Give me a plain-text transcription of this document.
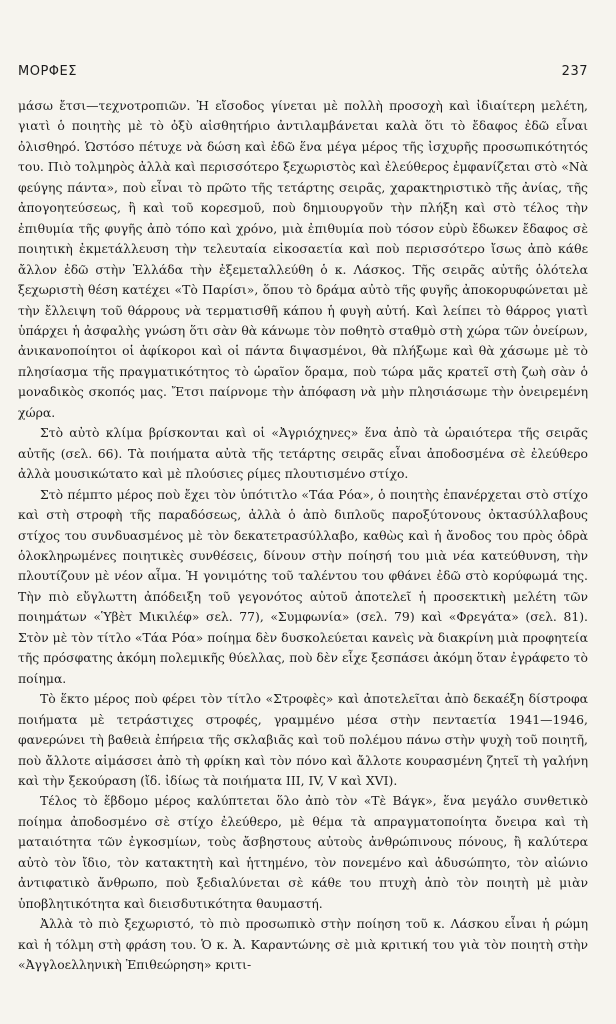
ΜΟΡΦΕΣ	237

μάσω ἔτσι—τεχνοτροπιῶν. Ἡ εἴσοδος γίνεται μὲ πολλὴ προσοχὴ καὶ ἰδιαίτερη μελέτη, γιατὶ ὁ ποιητὴς μὲ τὸ ὀξὺ αἰσθητήριο ἀντιλαμβάνεται καλὰ ὅτι τὸ ἔδαφος ἐδῶ εἶναι ὀλισθηρό. Ὡστόσο πέτυχε νὰ δώση καὶ ἐδῶ ἕνα μέγα μέρος τῆς ἰσχυρῆς προσωπικότητός του. Πιὸ τολμηρὸς ἀλλὰ καὶ περισσότερο ξεχωριστὸς καὶ ἐλεύθερος ἐμφανίζεται στὸ «Νὰ φεύγης πάντα», ποὺ εἶναι τὸ πρῶτο τῆς τετάρτης σειρᾶς, χαρακτηριστικὸ τῆς ἀνίας, τῆς ἀπογοητεύσεως, ἢ καὶ τοῦ κορεσμοῦ, ποὺ δημιουργοῦν τὴν πλήξη καὶ στὸ τέλος τὴν ἐπιθυμία τῆς φυγῆς ἀπὸ τόπο καὶ χρόνο, μιὰ ἐπιθυμία ποὺ τόσον εὐρὺ ἔδωκεν ἔδαφος σὲ ποιητικὴ ἐκμετάλλευση τὴν τελευταία εἰκοσαετία καὶ ποὺ περισσότερο ἴσως ἀπὸ κάθε ἄλλον ἐδῶ στὴν Ἑλλάδα τὴν ἐξεμεταλλεύθη ὁ κ. Λάσκος. Τῆς σειρᾶς αὐτῆς ὁλότελα ξεχωριστὴ θέση κατέχει «Τὸ Παρίσι», ὅπου τὸ δράμα αὐτὸ τῆς φυγῆς ἀποκορυφώνεται μὲ τὴν ἔλλειψη τοῦ θάρρους νὰ τερματισθῆ κάπου ἡ φυγὴ αὐτή. Καὶ λείπει τὸ θάρρος γιατὶ ὑπάρχει ἡ ἀσφαλὴς γνώση ὅτι σὰν θὰ κάνωμε τὸν ποθητὸ σταθμὸ στὴ χώρα τῶν ὀνείρων, ἀνικανοποίητοι οἱ ἀφίκοροι καὶ οἱ πάντα διψασμένοι, θὰ πλήξωμε καὶ θὰ χάσωμε μὲ τὸ πλησίασμα τῆς πραγματικότητος τὸ ὡραῖον ὅραμα, ποὺ τώρα μᾶς κρατεῖ στὴ ζωὴ σὰν ὁ μοναδικὸς σκοπός μας. Ἔτσι παίρνομε τὴν ἀπόφαση νὰ μὴν πλησιάσωμε τὴν ὀνειρεμένη χώρα.

Στὸ αὐτὸ κλίμα βρίσκονται καὶ οἱ «Ἀγριόχηνες» ἕνα ἀπὸ τὰ ὡραιότερα τῆς σειρᾶς αὐτῆς (σελ. 66). Τὰ ποιήματα αὐτὰ τῆς τετάρτης σειρᾶς εἶναι ἀποδοσμένα σὲ ἐλεύθερο ἀλλὰ μουσικώτατο καὶ μὲ πλούσιες ρίμες πλουτισμένο στίχο.

Στὸ πέμπτο μέρος ποὺ ἔχει τὸν ὑπότιτλο «Τάα Ρόα», ὁ ποιητὴς ἐπανέρχεται στὸ στίχο καὶ στὴ στροφὴ τῆς παραδόσεως, ἀλλὰ ὁ ἀπὸ διπλοῦς παροξύτονους ὀκτασύλλαβους στίχος του συνδυασμένος μὲ τὸν δεκατετρασύλλαβο, καθὼς καὶ ἡ ἄνοδος του πρὸς ὁδρὰ ὁλοκληρωμένες ποιητικὲς συνθέσεις, δίνουν στὴν ποίησή του μιὰ νέα κατεύθυνση, τὴν πλουτίζουν μὲ νέον αἷμα. Ἡ γονιμότης τοῦ ταλέντου του φθάνει ἐδῶ στὸ κορύφωμά της. Τὴν πιὸ εὔγλωττη ἀπόδειξη τοῦ γεγονότος αὐτοῦ ἀποτελεῖ ἡ προσεκτικὴ μελέτη τῶν ποιημάτων «Ὑβὲτ Μικιλέφ» σελ. 77), «Συμφωνία» (σελ. 79) καὶ «Φρεγάτα» (σελ. 81). Στὸν μὲ τὸν τίτλο «Τάα Ρόα» ποίημα δὲν δυσκολεύεται κανεὶς νὰ διακρίνη μιὰ προφητεία τῆς πρόσφατης ἀκόμη πολεμικῆς θύελλας, ποὺ δὲν εἶχε ξεσπάσει ἀκόμη ὅταν ἐγράφετο τὸ ποίημα.

Τὸ ἕκτο μέρος ποὺ φέρει τὸν τίτλο «Στροφὲς» καὶ ἀποτελεῖται ἀπὸ δεκαέξη δίστροφα ποιήματα μὲ τετράστιχες στροφές, γραμμένο μέσα στὴν πενταετία 1941—1946, φανερώνει τὴ βαθειὰ ἐπήρεια τῆς σκλαβιᾶς καὶ τοῦ πολέμου πάνω στὴν ψυχὴ τοῦ ποιητῆ, ποὺ ἄλλοτε αἱμάσσει ἀπὸ τὴ φρίκη καὶ τὸν πόνο καὶ ἄλλοτε κουρασμένη ζητεῖ τὴ γαλήνη καὶ τὴν ξεκούραση (ἴδ. ἰδίως τὰ ποιήματα III, IV, V καὶ XVI).

Τέλος τὸ ἕβδομο μέρος καλύπτεται ὅλο ἀπὸ τὸν «Τὲ Βάγκ», ἕνα μεγάλο συνθετικὸ ποίημα ἀποδοσμένο σὲ στίχο ἐλεύθερο, μὲ θέμα τὰ απραγματοποίητα ὄνειρα καὶ τὴ ματαιότητα τῶν ἐγκοσμίων, τοὺς ἄσβηστους αὐτοὺς ἀνθρώπινους πόνους, ἢ καλύτερα αὐτὸ τὸν ἴδιο, τὸν κατακτητὴ καὶ ἡττημένο, τὸν πονεμένο καὶ ἀδυσώπητο, τὸν αἰώνιο ἀντιφατικὸ ἄνθρωπο, ποὺ ξεδιαλύνεται σὲ κάθε του πτυχὴ ἀπὸ τὸν ποιητὴ μὲ μιὰν ὑποβλητικότητα καὶ διεισδυτικότητα θαυμαστή.

Ἀλλὰ τὸ πιὸ ξεχωριστό, τὸ πιὸ προσωπικὸ στὴν ποίηση τοῦ κ. Λάσκου εἶναι ἡ ρώμη καὶ ἡ τόλμη στὴ φράση του. Ὁ κ. Ἀ. Καραντώνης σὲ μιὰ κριτική του γιὰ τὸν ποιητὴ στὴν «Ἀγγλοελληνικὴ Ἐπιθεώρηση» κριτι-
